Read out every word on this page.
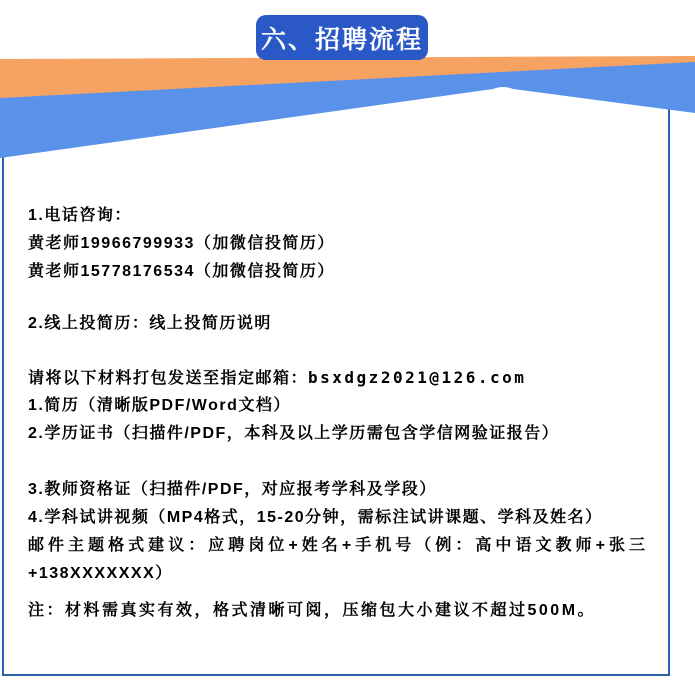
六、招聘流程
1.电话咨询：
黄老师19966799933（加微信投简历）
黄老师15778176534（加微信投简历）
2.线上投简历：线上投简历说明
请将以下材料打包发送至指定邮箱：bsxdgz2021@126.com
1.简历（清晰版PDF/Word文档）
2.学历证书（扫描件/PDF，本科及以上学历需包含学信网验证报告）
3.教师资格证（扫描件/PDF，对应报考学科及学段）
4.学科试讲视频（MP4格式，15-20分钟，需标注试讲课题、学科及姓名）
邮件主题格式建议：应聘岗位+姓名+手机号（例：高中语文教师+张三
+138XXXXXXX）
注：材料需真实有效，格式清晰可阅，压缩包大小建议不超过500M。
